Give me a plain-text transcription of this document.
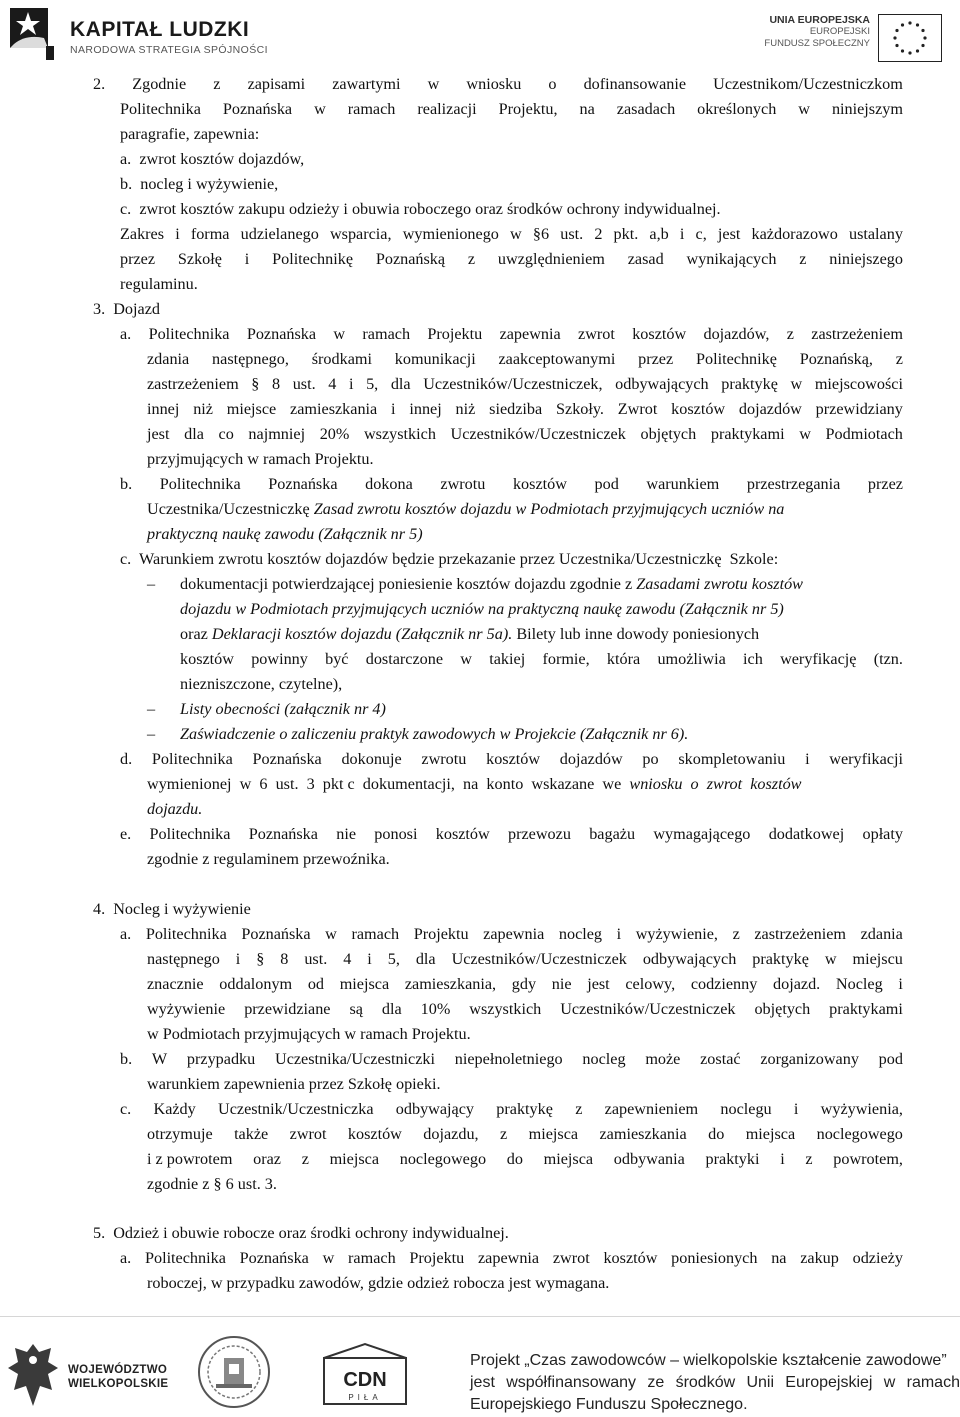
KAPITAŁ LUDZKI
NARODOWA STRATEGIA SPÓJNOŚCI
UNIA EUROPEJSKA
EUROPEJSKI
FUNDUSZ SPOŁECZNY
2. Zgodnie z zapisami zawartymi w wniosku o dofinansowanie Uczestnikom/Uczestniczkom
Politechnika Poznańska w ramach realizacji Projektu, na zasadach określonych w niniejszym
paragrafie, zapewnia:
a.  zwrot kosztów dojazdów,
b.  nocleg i wyżywienie,
c.  zwrot kosztów zakupu odzieży i obuwia roboczego oraz środków ochrony indywidualnej.
Zakres i forma udzielanego wsparcia, wymienionego w §6 ust. 2 pkt. a,b i c, jest każdorazowo ustalany
przez Szkołę i Politechnikę Poznańską z uwzględnieniem zasad wynikających z niniejszego
regulaminu.
3.  Dojazd
a. Politechnika Poznańska w ramach Projektu zapewnia zwrot kosztów dojazdów, z zastrzeżeniem
zdania następnego, środkami komunikacji zaakceptowanymi przez Politechnikę Poznańską, z
zastrzeżeniem § 8 ust. 4 i 5, dla Uczestników/Uczestniczek, odbywających praktykę w miejscowości
innej niż miejsce zamieszkania i innej niż siedziba Szkoły. Zwrot kosztów dojazdów przewidziany
jest dla co najmniej 20% wszystkich Uczestników/Uczestniczek objętych praktykami w Podmiotach
przyjmujących w ramach Projektu.
b. Politechnika Poznańska dokona zwrotu kosztów pod warunkiem przestrzegania przez
Uczestnika/Uczestniczkę Zasad zwrotu kosztów dojazdu w Podmiotach przyjmujących uczniów na
praktyczną naukę zawodu (Załącznik nr 5)
c.  Warunkiem zwrotu kosztów dojazdów będzie przekazanie przez Uczestnika/Uczestniczkę  Szkole:
– dokumentacji potwierdzającej poniesienie kosztów dojazdu zgodnie z Zasadami zwrotu kosztów
dojazdu w Podmiotach przyjmujących uczniów na praktyczną naukę zawodu (Załącznik nr 5)
oraz Deklaracji kosztów dojazdu (Załącznik nr 5a). Bilety lub inne dowody poniesionych
kosztów powinny być dostarczone w takiej formie, która umożliwia ich weryfikację (tzn.
niezniszczone, czytelne),
– Listy obecności (załącznik nr 4)
– Zaświadczenie o zaliczeniu praktyk zawodowych w Projekcie (Załącznik nr 6).
d. Politechnika Poznańska dokonuje zwrotu kosztów dojazdów po skompletowaniu i weryfikacji
wymienionej  w  6  ust.  3  pkt c  dokumentacji,  na  konto  wskazane  we  wniosku  o  zwrot  kosztów
dojazdu.
e. Politechnika Poznańska nie ponosi kosztów przewozu bagażu wymagającego dodatkowej opłaty
zgodnie z regulaminem przewoźnika.
4.  Nocleg i wyżywienie
a. Politechnika Poznańska w ramach Projektu zapewnia nocleg i wyżywienie, z zastrzeżeniem zdania
następnego i § 8 ust. 4 i 5, dla Uczestników/Uczestniczek odbywających praktykę w miejscu
znacznie oddalonym od miejsca zamieszkania, gdy nie jest celowy, codzienny dojazd. Nocleg i
wyżywienie przewidziane są dla 10% wszystkich Uczestników/Uczestniczek objętych praktykami
w Podmiotach przyjmujących w ramach Projektu.
b. W przypadku Uczestnika/Uczestniczki niepełnoletniego nocleg może zostać zorganizowany pod
warunkiem zapewnienia przez Szkołę opieki.
c. Każdy Uczestnik/Uczestniczka odbywający praktykę z zapewnieniem noclegu i wyżywienia,
otrzymuje także zwrot kosztów dojazdu, z miejsca zamieszkania do miejsca noclegowego
i z powrotem oraz z miejsca noclegowego do miejsca odbywania praktyki i z powrotem,
zgodnie z § 6 ust. 3.
5.  Odzież i obuwie robocze oraz środki ochrony indywidualnej.
a. Politechnika Poznańska w ramach Projektu zapewnia zwrot kosztów poniesionych na zakup odzieży
roboczej, w przypadku zawodów, gdzie odzież robocza jest wymagana.
WOJEWÓDZTWO
WIELKOPOLSKIE	CDN
PIŁA
Projekt „Czas zawodowców – wielkopolskie kształcenie zawodowe”
jest współfinansowany ze środków Unii Europejskiej w ramach
Europejskiego Funduszu Społecznego.
